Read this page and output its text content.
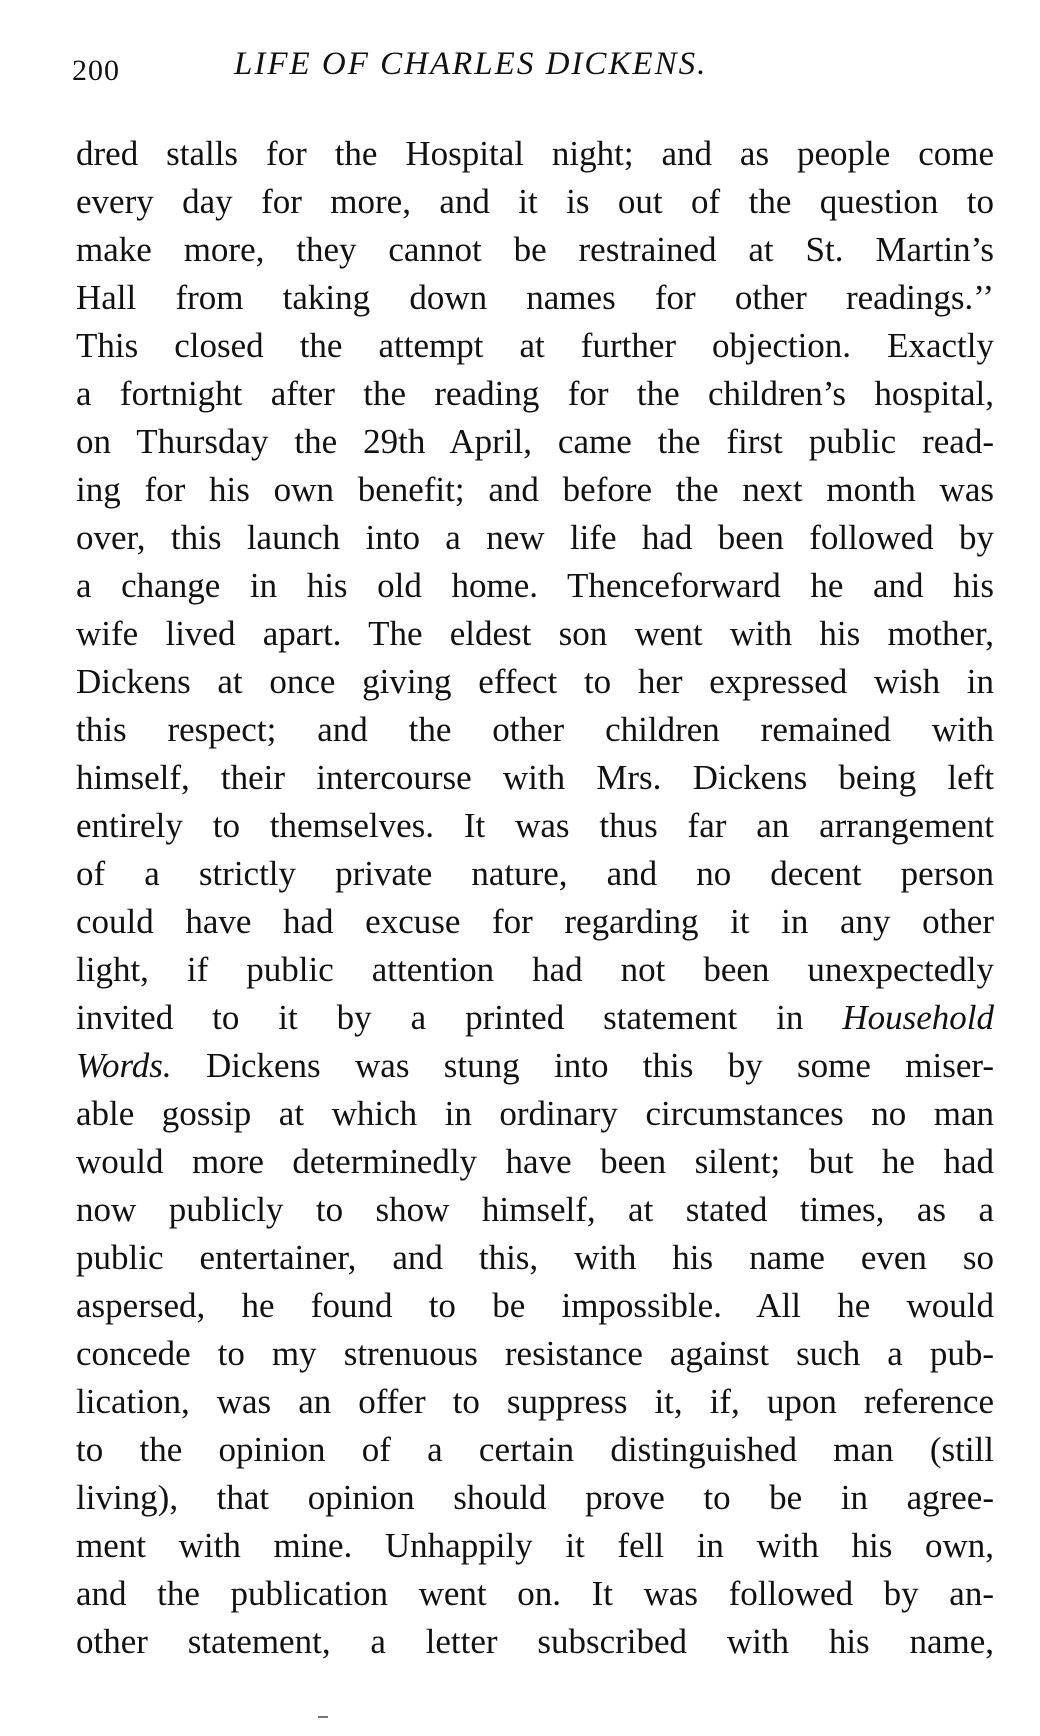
200	LIFE OF CHARLES DICKENS.
dred stalls for the Hospital night; and as people come
every day for more, and it is out of the question to
make more, they cannot be restrained at St. Martin’s
Hall from taking down names for other readings.’’
This closed the attempt at further objection. Exactly
a fortnight after the reading for the children’s hospital,
on Thursday the 29th April, came the first public read-
ing for his own benefit; and before the next month was
over, this launch into a new life had been followed by
a change in his old home. Thenceforward he and his
wife lived apart. The eldest son went with his mother,
Dickens at once giving effect to her expressed wish in
this respect; and the other children remained with
himself, their intercourse with Mrs. Dickens being left
entirely to themselves. It was thus far an arrangement
of a strictly private nature, and no decent person
could have had excuse for regarding it in any other
light, if public attention had not been unexpectedly
invited to it by a printed statement in Household
Words. Dickens was stung into this by some miser-
able gossip at which in ordinary circumstances no man
would more determinedly have been silent; but he had
now publicly to show himself, at stated times, as a
public entertainer, and this, with his name even so
aspersed, he found to be impossible. All he would
concede to my strenuous resistance against such a pub-
lication, was an offer to suppress it, if, upon reference
to the opinion of a certain distinguished man (still
living), that opinion should prove to be in agree-
ment with mine. Unhappily it fell in with his own,
and the publication went on. It was followed by an-
other statement, a letter subscribed with his name,
